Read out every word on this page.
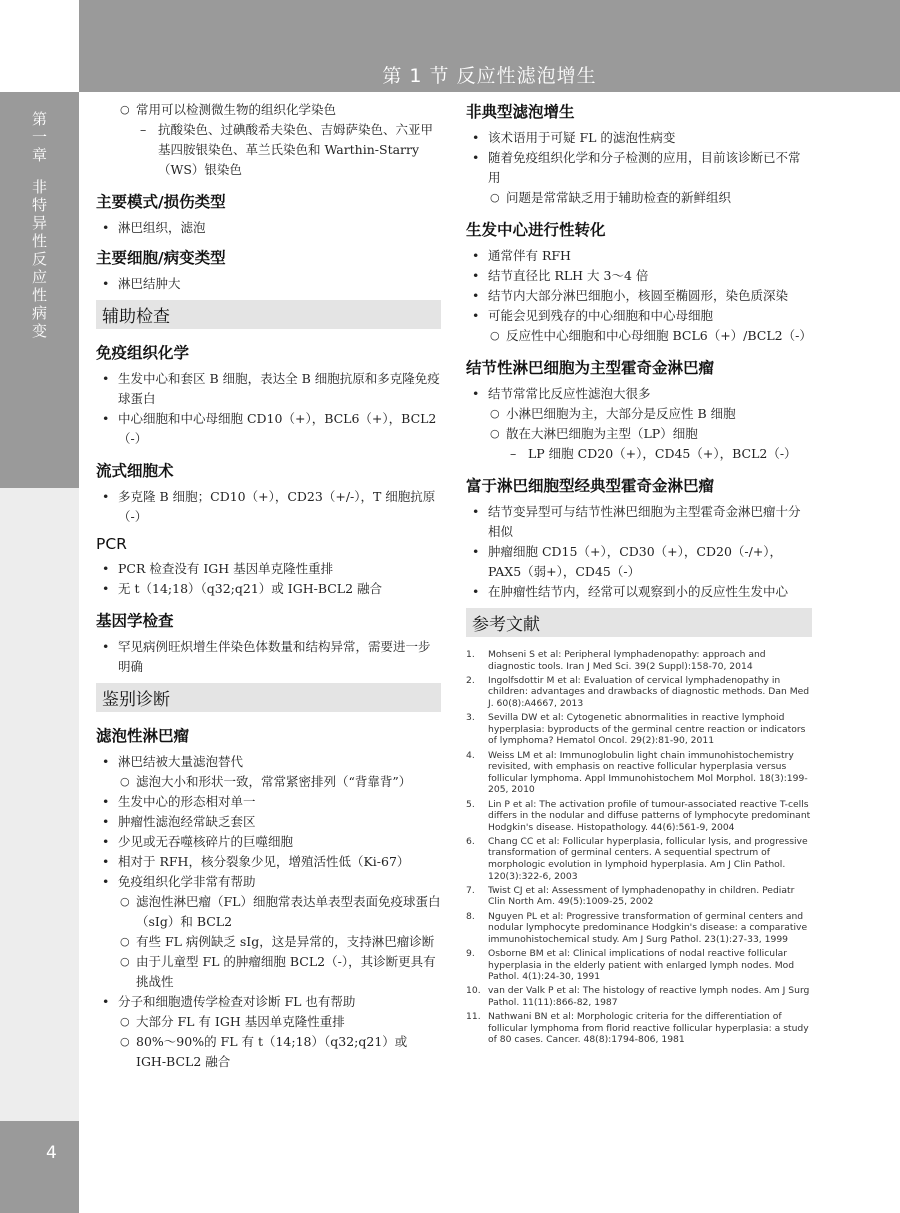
第一章
非特异性反应性病变
4
第 1 节 反应性滤泡增生
○ 常用可以检测微生物的组织化学染色
– 抗酸染色、过碘酸希夫染色、吉姆萨染色、六亚甲基四胺银染色、革兰氏染色和 Warthin-Starry（WS）银染色
主要模式/损伤类型
• 淋巴组织，滤泡
主要细胞/病变类型
• 淋巴结肿大
辅助检查
免疫组织化学
• 生发中心和套区 B 细胞，表达全 B 细胞抗原和多克隆免疫球蛋白
• 中心细胞和中心母细胞 CD10（+），BCL6（+），BCL2（-）
流式细胞术
• 多克隆 B 细胞；CD10（+），CD23（+/-），T 细胞抗原（-）
PCR
• PCR 检查没有 IGH 基因单克隆性重排
• 无 t（14;18）（q32;q21）或 IGH-BCL2 融合
基因学检查
• 罕见病例旺炽增生伴染色体数量和结构异常，需要进一步明确
鉴别诊断
滤泡性淋巴瘤
• 淋巴结被大量滤泡替代
○ 滤泡大小和形状一致，常常紧密排列（“背靠背”）
• 生发中心的形态相对单一
• 肿瘤性滤泡经常缺乏套区
• 少见或无吞噬核碎片的巨噬细胞
• 相对于 RFH，核分裂象少见，增殖活性低（Ki-67）
• 免疫组织化学非常有帮助
○ 滤泡性淋巴瘤（FL）细胞常表达单表型表面免疫球蛋白（sIg）和 BCL2
○ 有些 FL 病例缺乏 sIg，这是异常的，支持淋巴瘤诊断
○ 由于儿童型 FL 的肿瘤细胞 BCL2（-），其诊断更具有挑战性
• 分子和细胞遗传学检查对诊断 FL 也有帮助
○ 大部分 FL 有 IGH 基因单克隆性重排
○ 80%～90%的 FL 有 t（14;18）（q32;q21）或 IGH-BCL2 融合
非典型滤泡增生
• 该术语用于可疑 FL 的滤泡性病变
• 随着免疫组织化学和分子检测的应用，目前该诊断已不常用
○ 问题是常常缺乏用于辅助检查的新鲜组织
生发中心进行性转化
• 通常伴有 RFH
• 结节直径比 RLH 大 3～4 倍
• 结节内大部分淋巴细胞小，核圆至椭圆形，染色质深染
• 可能会见到残存的中心细胞和中心母细胞
○ 反应性中心细胞和中心母细胞 BCL6（+）/BCL2（-）
结节性淋巴细胞为主型霍奇金淋巴瘤
• 结节常常比反应性滤泡大很多
○ 小淋巴细胞为主，大部分是反应性 B 细胞
○ 散在大淋巴细胞为主型（LP）细胞
– LP 细胞 CD20（+），CD45（+），BCL2（-）
富于淋巴细胞型经典型霍奇金淋巴瘤
• 结节变异型可与结节性淋巴细胞为主型霍奇金淋巴瘤十分相似
• 肿瘤细胞 CD15（+），CD30（+），CD20（-/+），PAX5（弱+），CD45（-）
• 在肿瘤性结节内，经常可以观察到小的反应性生发中心
参考文献
1. Mohseni S et al: Peripheral lymphadenopathy: approach and diagnostic tools. Iran J Med Sci. 39(2 Suppl):158-70, 2014
2. Ingolfsdottir M et al: Evaluation of cervical lymphadenopathy in children: advantages and drawbacks of diagnostic methods. Dan Med J. 60(8):A4667, 2013
3. Sevilla DW et al: Cytogenetic abnormalities in reactive lymphoid hyperplasia: byproducts of the germinal centre reaction or indicators of lymphoma? Hematol Oncol. 29(2):81-90, 2011
4. Weiss LM et al: Immunoglobulin light chain immunohistochemistry revisited, with emphasis on reactive follicular hyperplasia versus follicular lymphoma. Appl Immunohistochem Mol Morphol. 18(3):199-205, 2010
5. Lin P et al: The activation profile of tumour-associated reactive T-cells differs in the nodular and diffuse patterns of lymphocyte predominant Hodgkin's disease. Histopathology. 44(6):561-9, 2004
6. Chang CC et al: Follicular hyperplasia, follicular lysis, and progressive transformation of germinal centers. A sequential spectrum of morphologic evolution in lymphoid hyperplasia. Am J Clin Pathol. 120(3):322-6, 2003
7. Twist CJ et al: Assessment of lymphadenopathy in children. Pediatr Clin North Am. 49(5):1009-25, 2002
8. Nguyen PL et al: Progressive transformation of germinal centers and nodular lymphocyte predominance Hodgkin's disease: a comparative immunohistochemical study. Am J Surg Pathol. 23(1):27-33, 1999
9. Osborne BM et al: Clinical implications of nodal reactive follicular hyperplasia in the elderly patient with enlarged lymph nodes. Mod Pathol. 4(1):24-30, 1991
10. van der Valk P et al: The histology of reactive lymph nodes. Am J Surg Pathol. 11(11):866-82, 1987
11. Nathwani BN et al: Morphologic criteria for the differentiation of follicular lymphoma from florid reactive follicular hyperplasia: a study of 80 cases. Cancer. 48(8):1794-806, 1981
